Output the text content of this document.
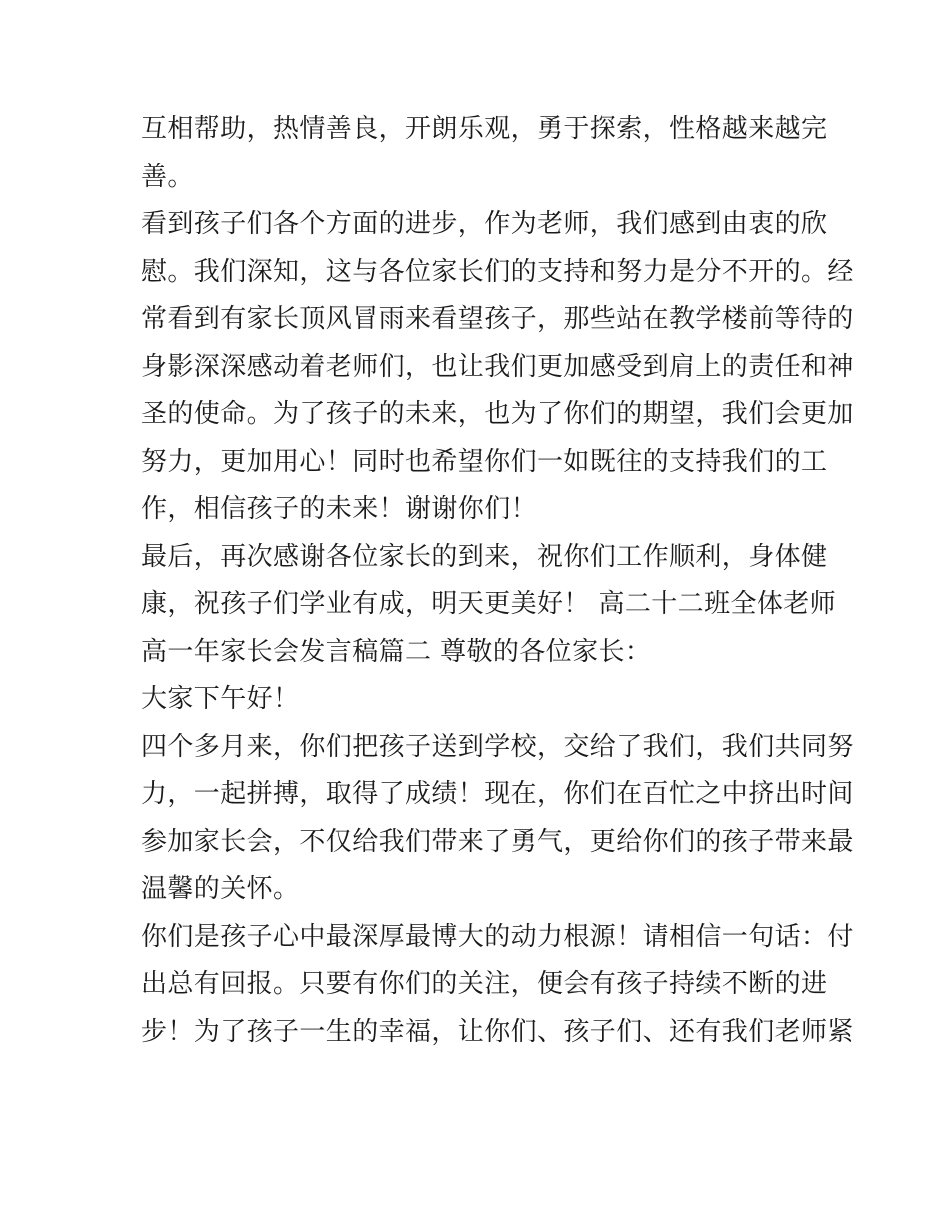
互相帮助，热情善良，开朗乐观，勇于探索，性格越来越完
善。
看到孩子们各个方面的进步，作为老师，我们感到由衷的欣
慰。我们深知，这与各位家长们的支持和努力是分不开的。经
常看到有家长顶风冒雨来看望孩子，那些站在教学楼前等待的
身影深深感动着老师们，也让我们更加感受到肩上的责任和神
圣的使命。为了孩子的未来，也为了你们的期望，我们会更加
努力，更加用心！同时也希望你们一如既往的支持我们的工
作，相信孩子的未来！谢谢你们！
最后，再次感谢各位家长的到来，祝你们工作顺利，身体健
康，祝孩子们学业有成，明天更美好！ 高二十二班全体老师
高一年家长会发言稿篇二 尊敬的各位家长：
大家下午好！
四个多月来，你们把孩子送到学校，交给了我们，我们共同努
力，一起拼搏，取得了成绩！现在，你们在百忙之中挤出时间
参加家长会，不仅给我们带来了勇气，更给你们的孩子带来最
温馨的关怀。
你们是孩子心中最深厚最博大的动力根源！请相信一句话：付
出总有回报。只要有你们的关注，便会有孩子持续不断的进
步！为了孩子一生的幸福，让你们、孩子们、还有我们老师紧
